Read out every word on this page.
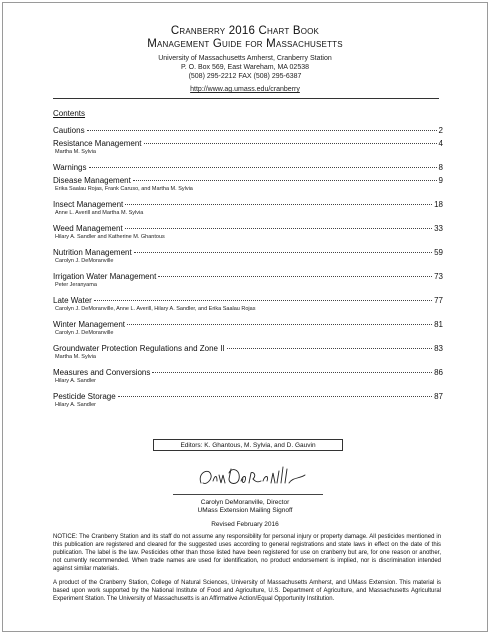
Cranberry 2016 Chart Book
Management Guide for Massachusetts
University of Massachusetts Amherst, Cranberry Station
P. O. Box 569, East Wareham, MA 02538
(508) 295-2212 FAX (508) 295-6387
http://www.ag.umass.edu/cranberry
Contents
Cautions	2
Resistance Management	4
Martha M. Sylvia
Warnings	8
Disease Management	9
Erika Saalau Rojas, Frank Caruso, and Martha M. Sylvia
Insect Management	18
Anne L. Averill and Martha M. Sylvia
Weed Management	33
Hilary A. Sandler and Katherine M. Ghantous
Nutrition Management	59
Carolyn J. DeMoranville
Irrigation Water Management	73
Peter Jeranyama
Late Water	77
Carolyn J. DeMoranville, Anne L. Averill, Hilary A. Sandler, and Erika Saalau Rojas
Winter Management	81
Carolyn J. DeMoranville
Groundwater Protection Regulations and Zone II	83
Martha M. Sylvia
Measures and Conversions	86
Hilary A. Sandler
Pesticide Storage	87
Hilary A. Sandler
Editors: K. Ghantous, M. Sylvia, and D. Gauvin
Carolyn DeMoranville, Director
UMass Extension Mailing Signoff
Revised February 2016
NOTICE: The Cranberry Station and its staff do not assume any responsibility for personal injury or property damage. All pesticides mentioned in this publication are registered and cleared for the suggested uses according to general registrations and state laws in effect on the date of this publication. The label is the law. Pesticides other than those listed have been registered for use on cranberry but are, for one reason or another, not currently recommended. When trade names are used for identification, no product endorsement is implied, nor is discrimination intended against similar materials.
A product of the Cranberry Station, College of Natural Sciences, University of Massachusetts Amherst, and UMass Extension. This material is based upon work supported by the National Institute of Food and Agriculture, U.S. Department of Agriculture, and Massachusetts Agricultural Experiment Station. The University of Massachusetts is an Affirmative Action/Equal Opportunity Institution.
